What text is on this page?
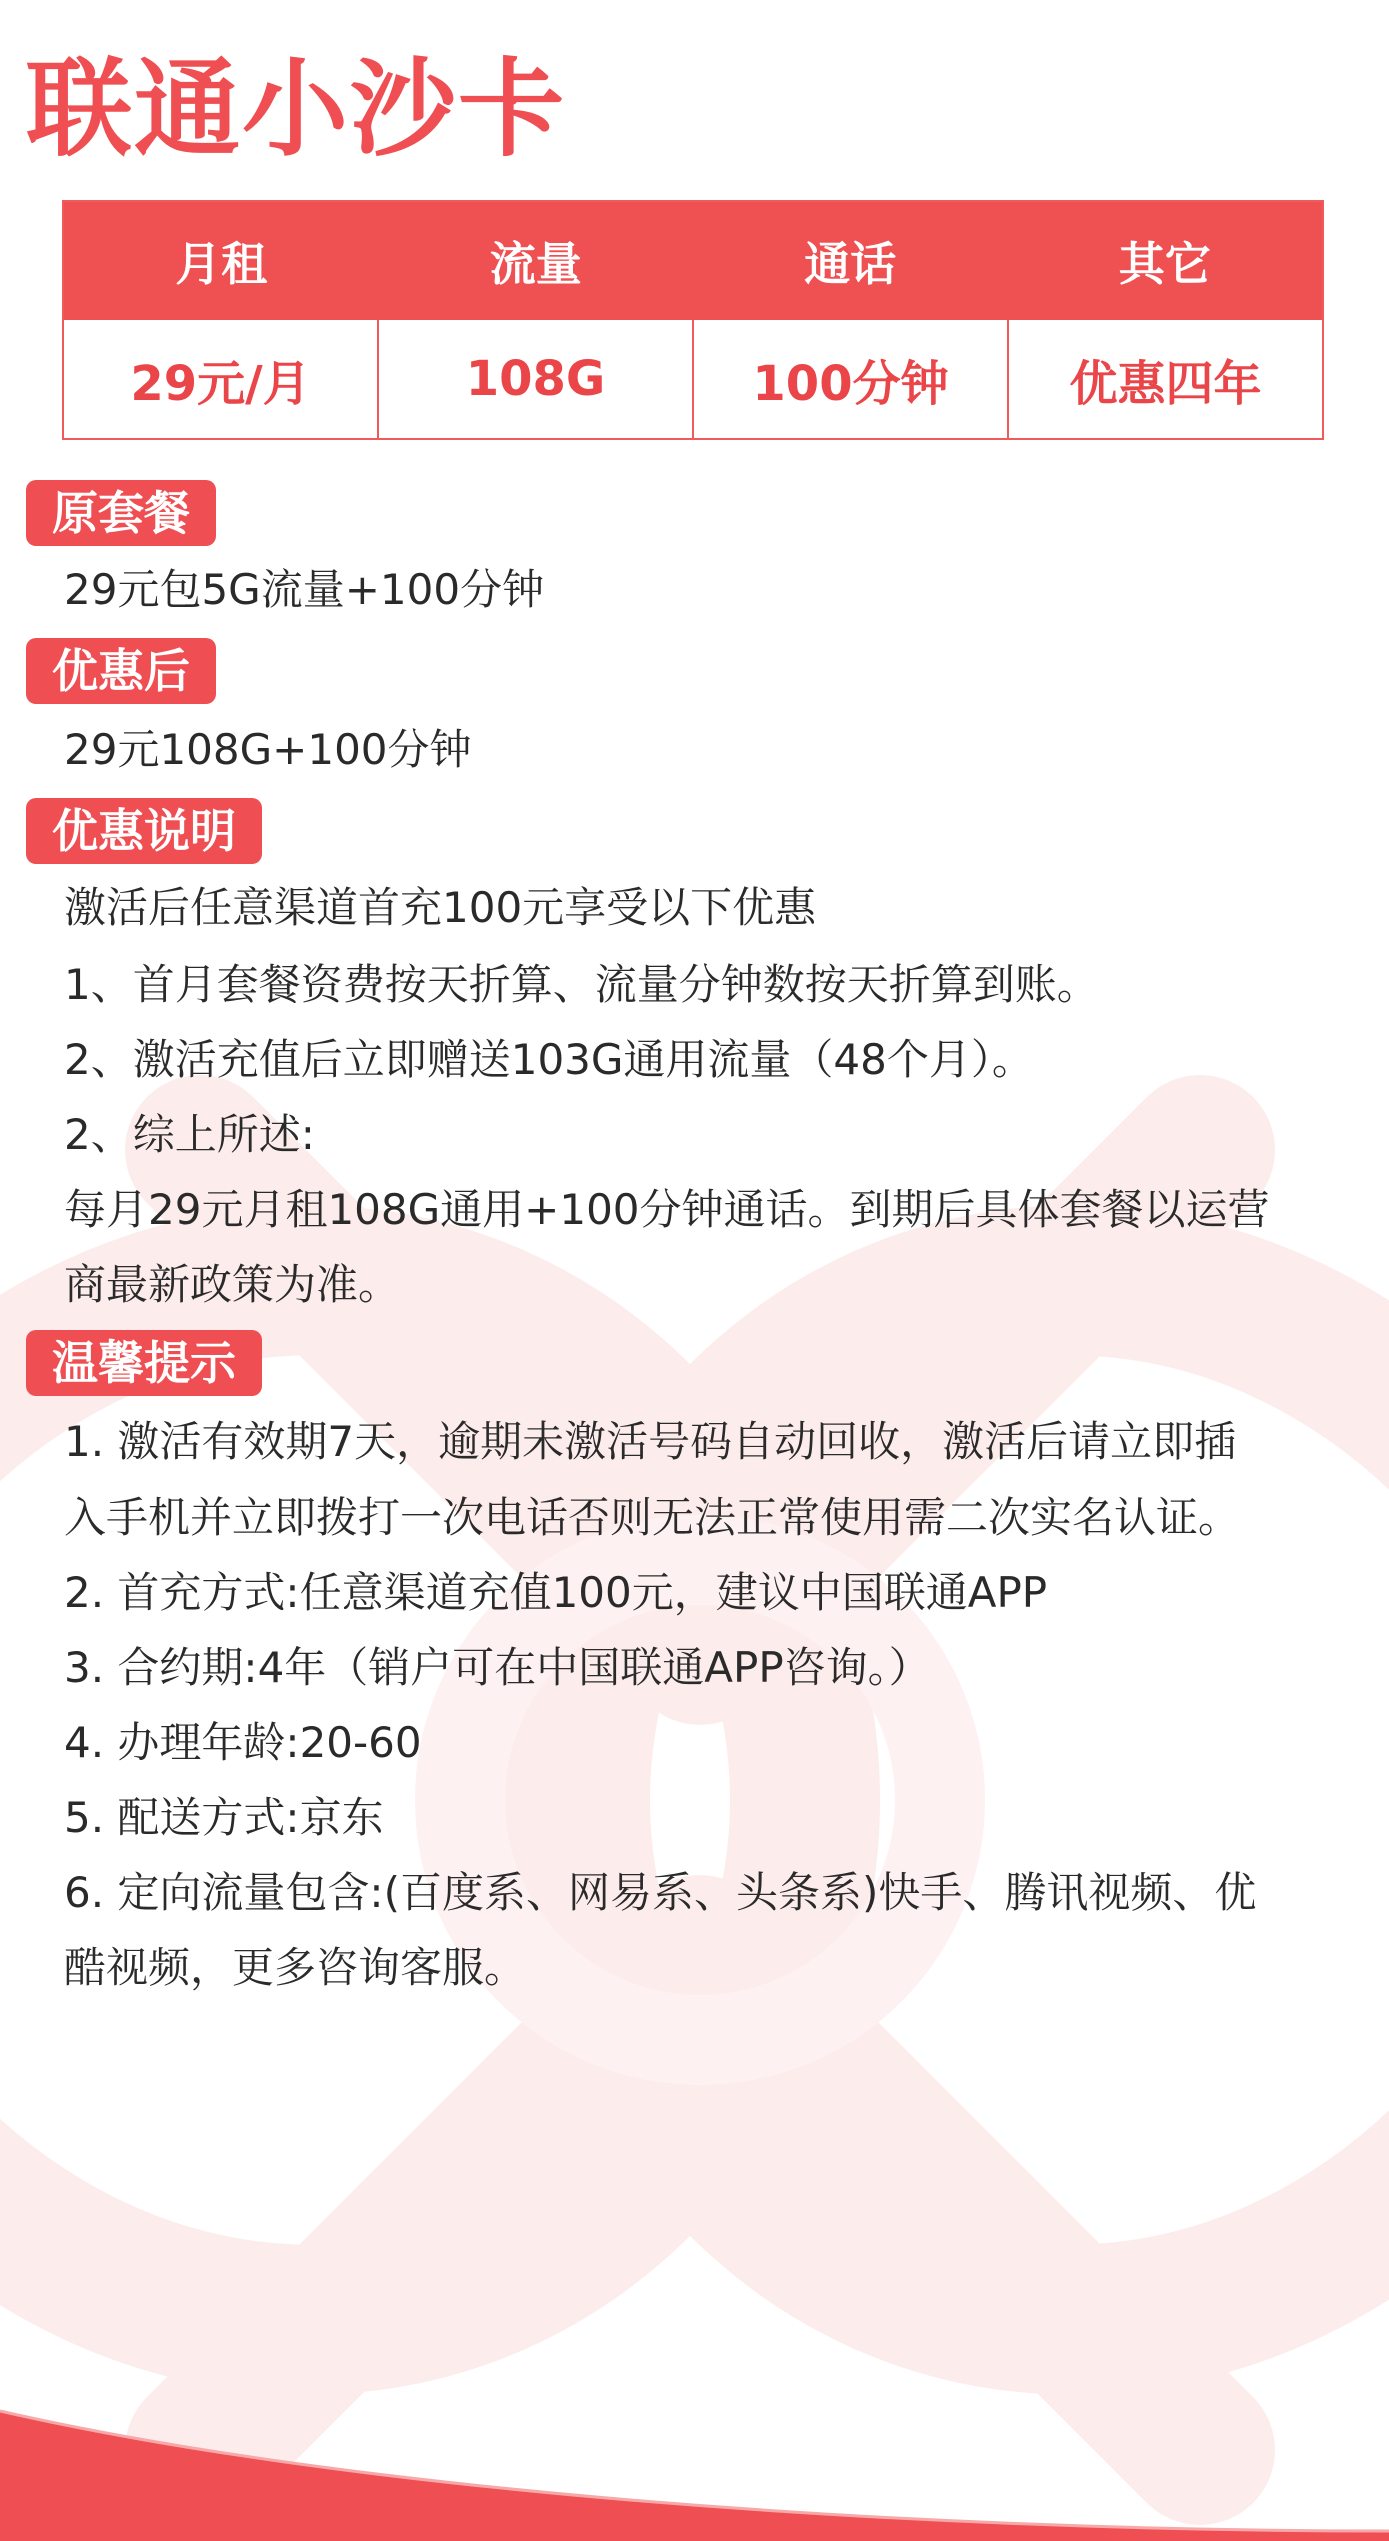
联通小沙卡
月租	流量	通话	其它
29元/月	108G	100分钟	优惠四年
原套餐

29元包5G流量+100分钟

优惠后

29元108G+100分钟

优惠说明

激活后任意渠道首充100元享受以下优惠

1、首月套餐资费按天折算、流量分钟数按天折算到账。

2、激活充值后立即赠送103G通用流量（48个月）。

2、综上所述:

每月29元月租108G通用+100分钟通话。到期后具体套餐以运营

商最新政策为准。

温馨提示

1. 激活有效期7天，逾期未激活号码自动回收，激活后请立即插

入手机并立即拨打一次电话否则无法正常使用需二次实名认证。

2. 首充方式:任意渠道充值100元，建议中国联通APP

3. 合约期:4年（销户可在中国联通APP咨询。）

4. 办理年龄:20-60

5. 配送方式:京东

6. 定向流量包含:(百度系、网易系、头条系)快手、腾讯视频、优

酷视频，更多咨询客服。
